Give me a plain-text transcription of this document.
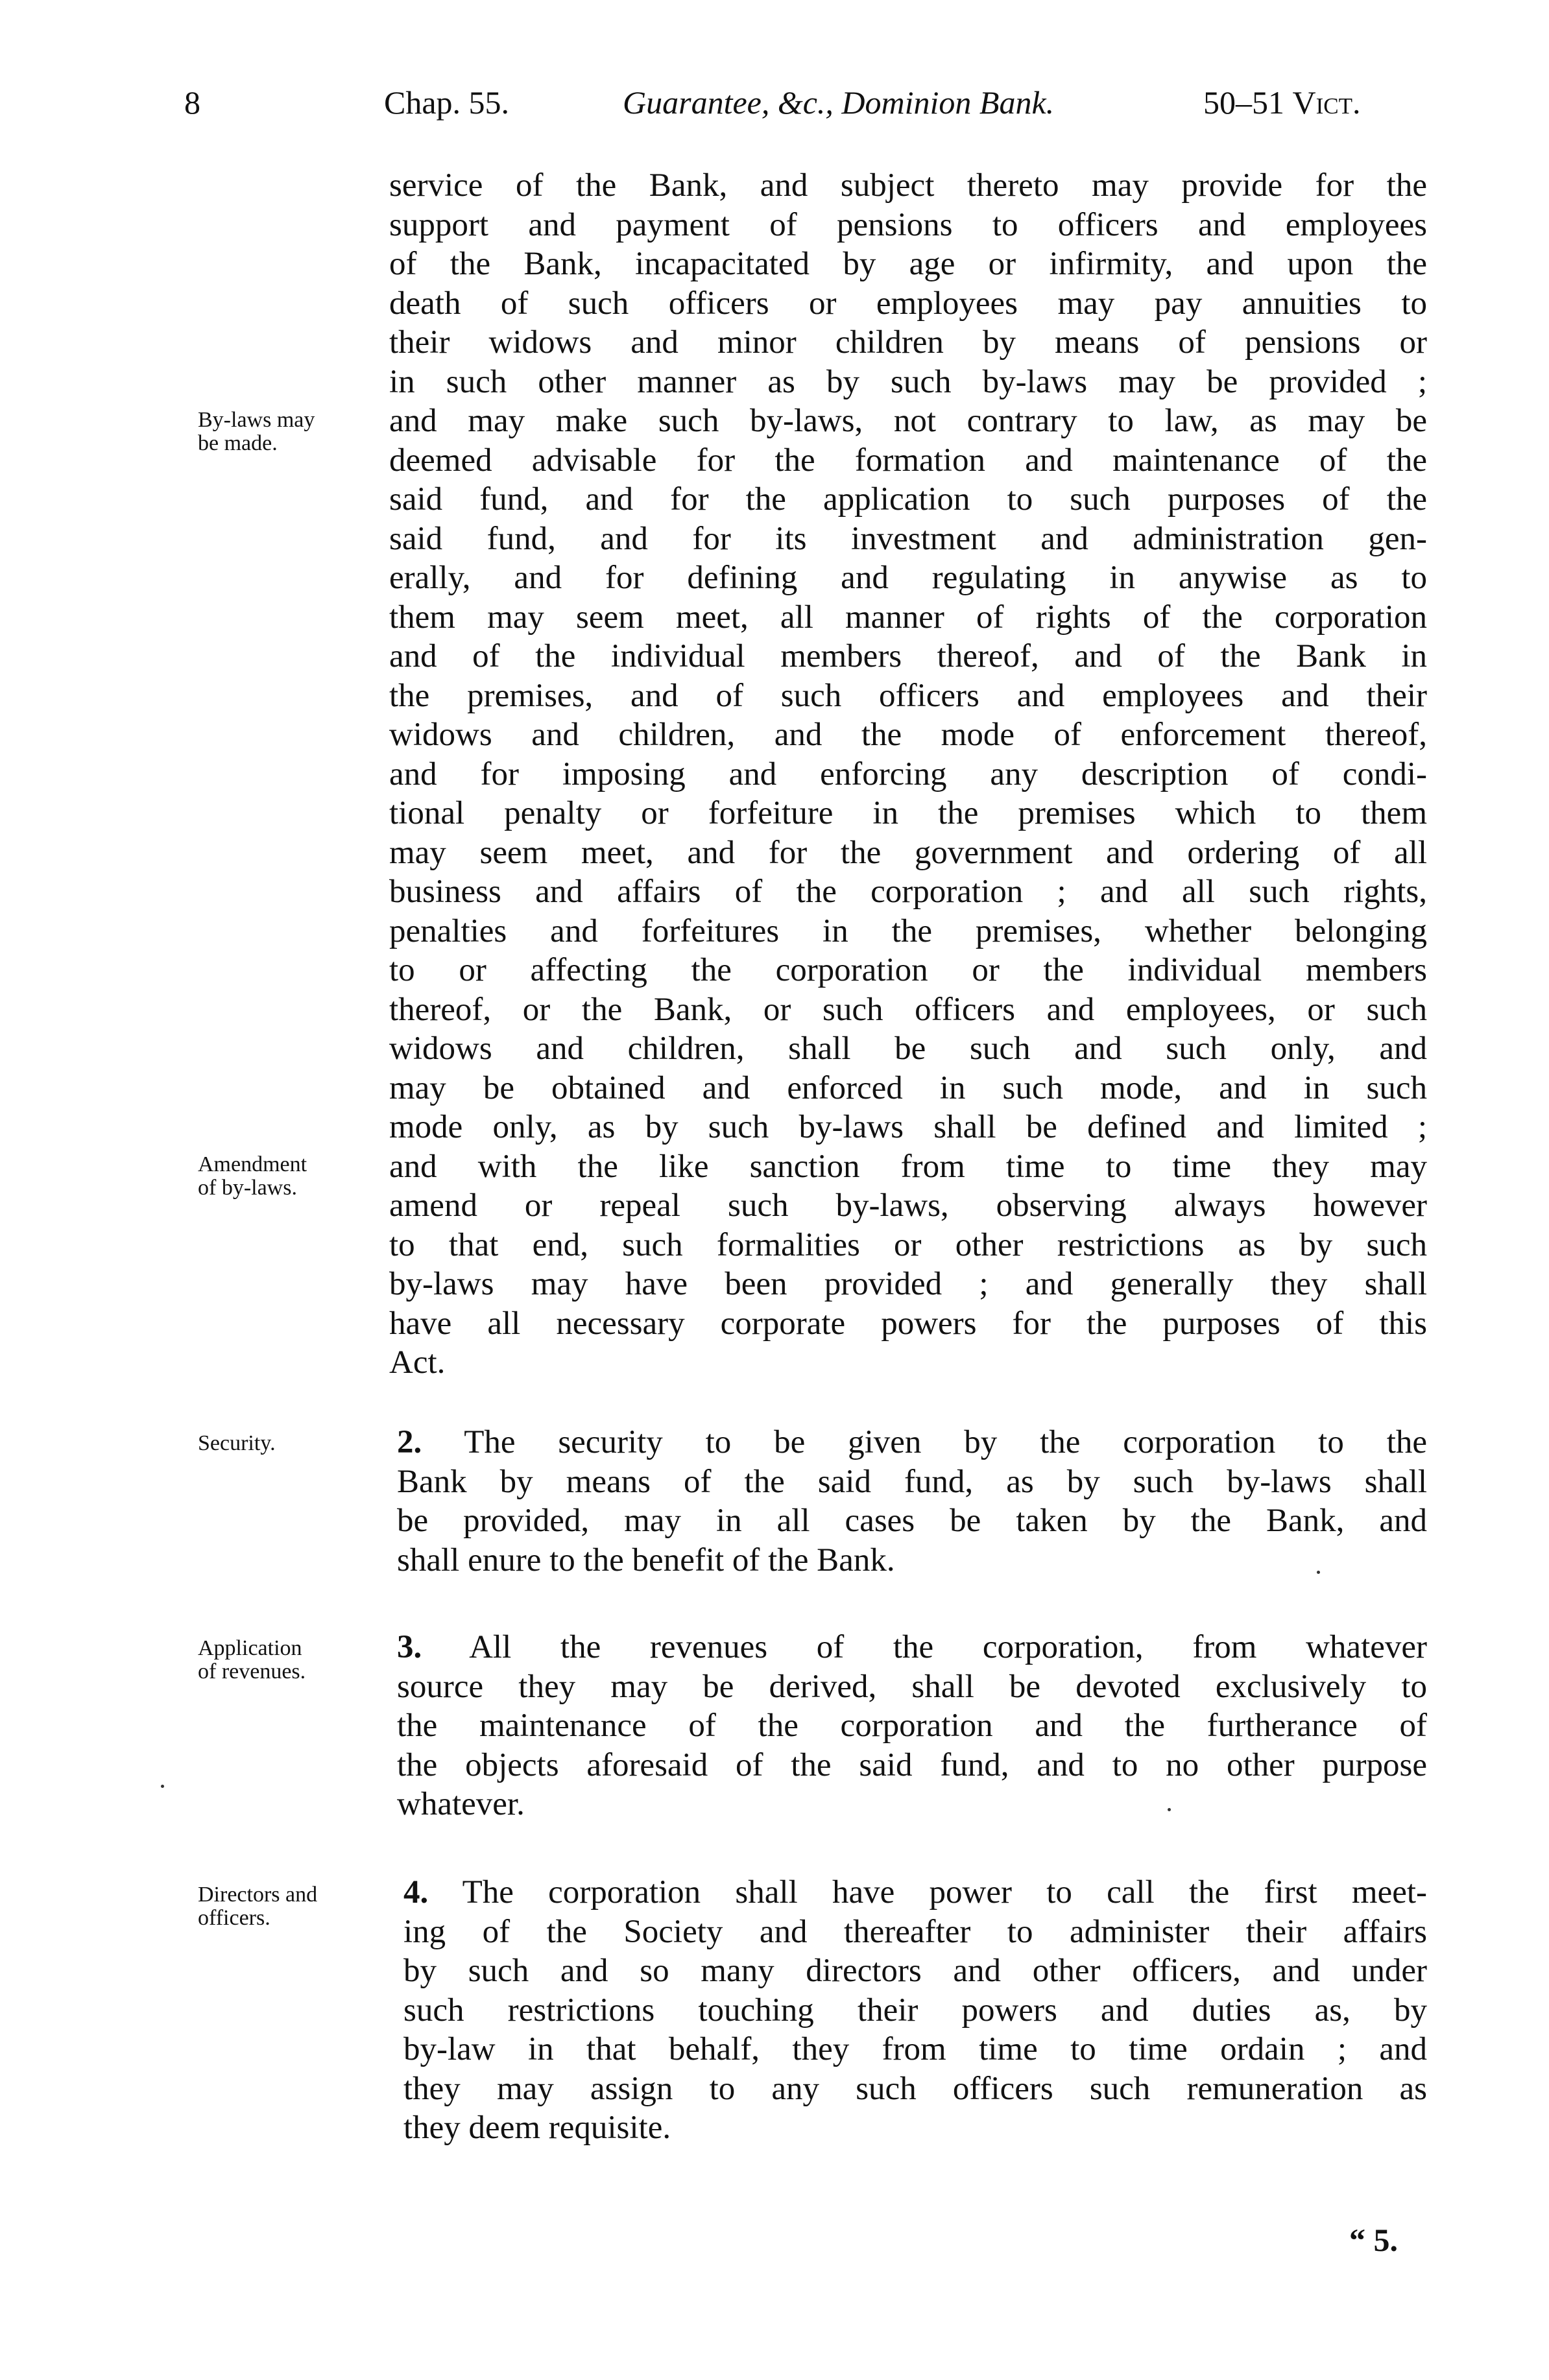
8	Chap. 55.	Guarantee, &c., Dominion Bank.	50–51 Vict.
service of the Bank, and subject thereto may provide for the
support and payment of pensions to officers and employees
of the Bank, incapacitated by age or infirmity, and upon the
death of such officers or employees may pay annuities to
their widows and minor children by means of pensions or
in such other manner as by such by-laws may be provided ;
and may make such by-laws, not contrary to law, as may be
deemed advisable for the formation and maintenance of the
said fund, and for the application to such purposes of the
said fund, and for its investment and administration gen-
erally, and for defining and regulating in anywise as to
them may seem meet, all manner of rights of the corporation
and of the individual members thereof, and of the Bank in
the premises, and of such officers and employees and their
widows and children, and the mode of enforcement thereof,
and for imposing and enforcing any description of condi-
tional penalty or forfeiture in the premises which to them
may seem meet, and for the government and ordering of all
business and affairs of the corporation ; and all such rights,
penalties and forfeitures in the premises, whether belonging
to or affecting the corporation or the individual members
thereof, or the Bank, or such officers and employees, or such
widows and children, shall be such and such only, and
may be obtained and enforced in such mode, and in such
mode only, as by such by-laws shall be defined and limited ;
and with the like sanction from time to time they may
amend or repeal such by-laws, observing always however
to that end, such formalities or other restrictions as by such
by-laws may have been provided ; and generally they shall
have all necessary corporate powers for the purposes of this
Act.
2. The security to be given by the corporation to the
Bank by means of the said fund, as by such by-laws shall
be provided, may in all cases be taken by the Bank, and
shall enure to the benefit of the Bank.
3. All the revenues of the corporation, from whatever
source they may be derived, shall be devoted exclusively to
the maintenance of the corporation and the furtherance of
the objects aforesaid of the said fund, and to no other purpose
whatever.
4. The corporation shall have power to call the first meet-
ing of the Society and thereafter to administer their affairs
by such and so many directors and other officers, and under
such restrictions touching their powers and duties as, by
by-law in that behalf, they from time to time ordain ; and
they may assign to any such officers such remuneration as
they deem requisite.
By-laws may
be made.
Amendment
of by-laws.
Security.
Application
of revenues.
Directors and
officers.
“ 5.
